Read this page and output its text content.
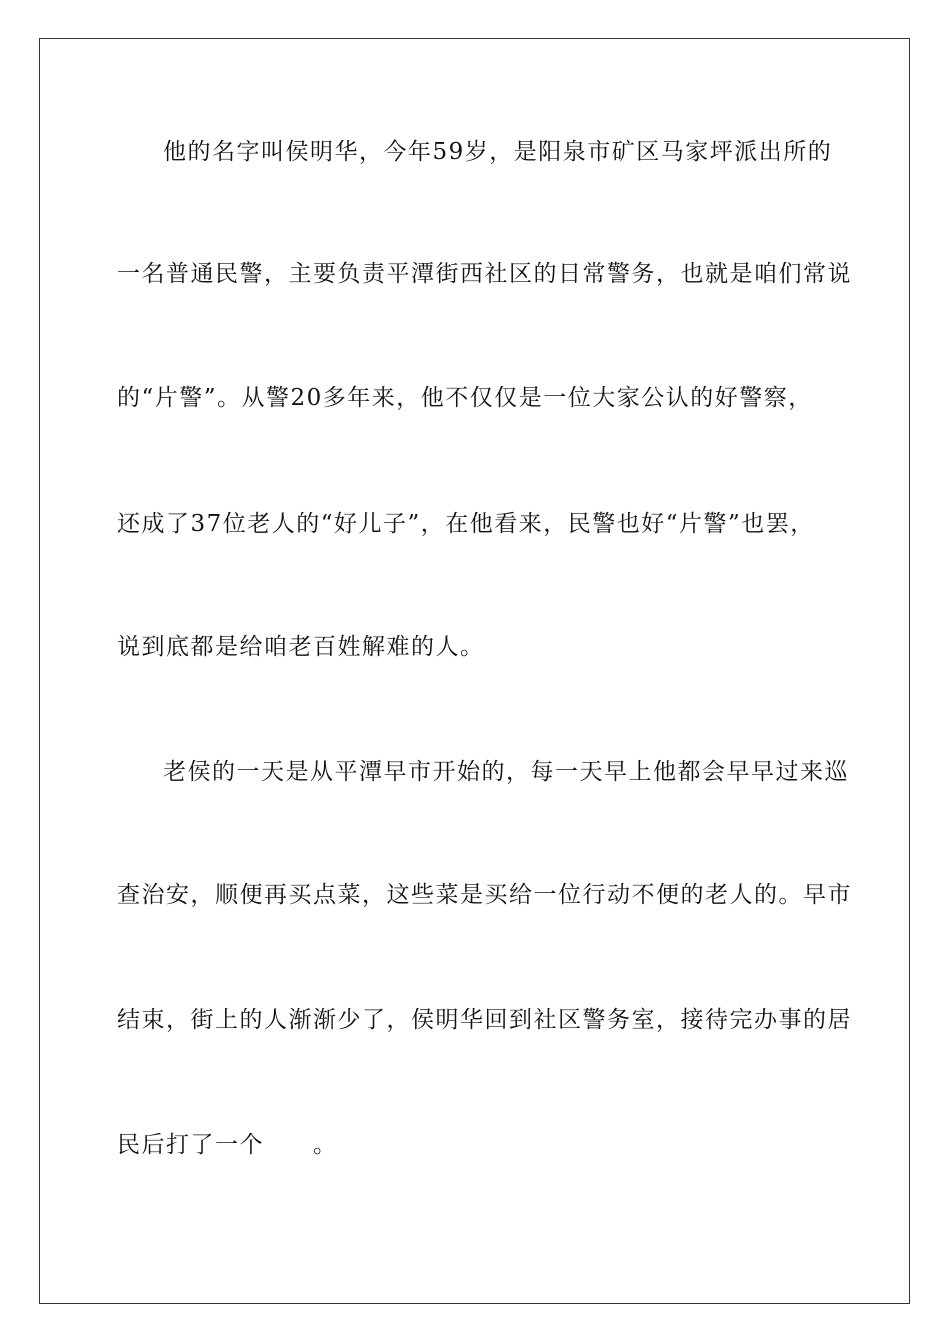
他的名字叫侯明华，今年59岁，是阳泉市矿区马家坪派出所的
一名普通民警，主要负责平潭街西社区的日常警务，也就是咱们常说
的“片警”。从警20多年来，他不仅仅是一位大家公认的好警察，
还成了37位老人的“好儿子”，在他看来，民警也好“片警”也罢，
说到底都是给咱老百姓解难的人。
老侯的一天是从平潭早市开始的，每一天早上他都会早早过来巡
查治安，顺便再买点菜，这些菜是买给一位行动不便的老人的。早市
结束，街上的人渐渐少了，侯明华回到社区警务室，接待完办事的居
民后打了一个　　。
